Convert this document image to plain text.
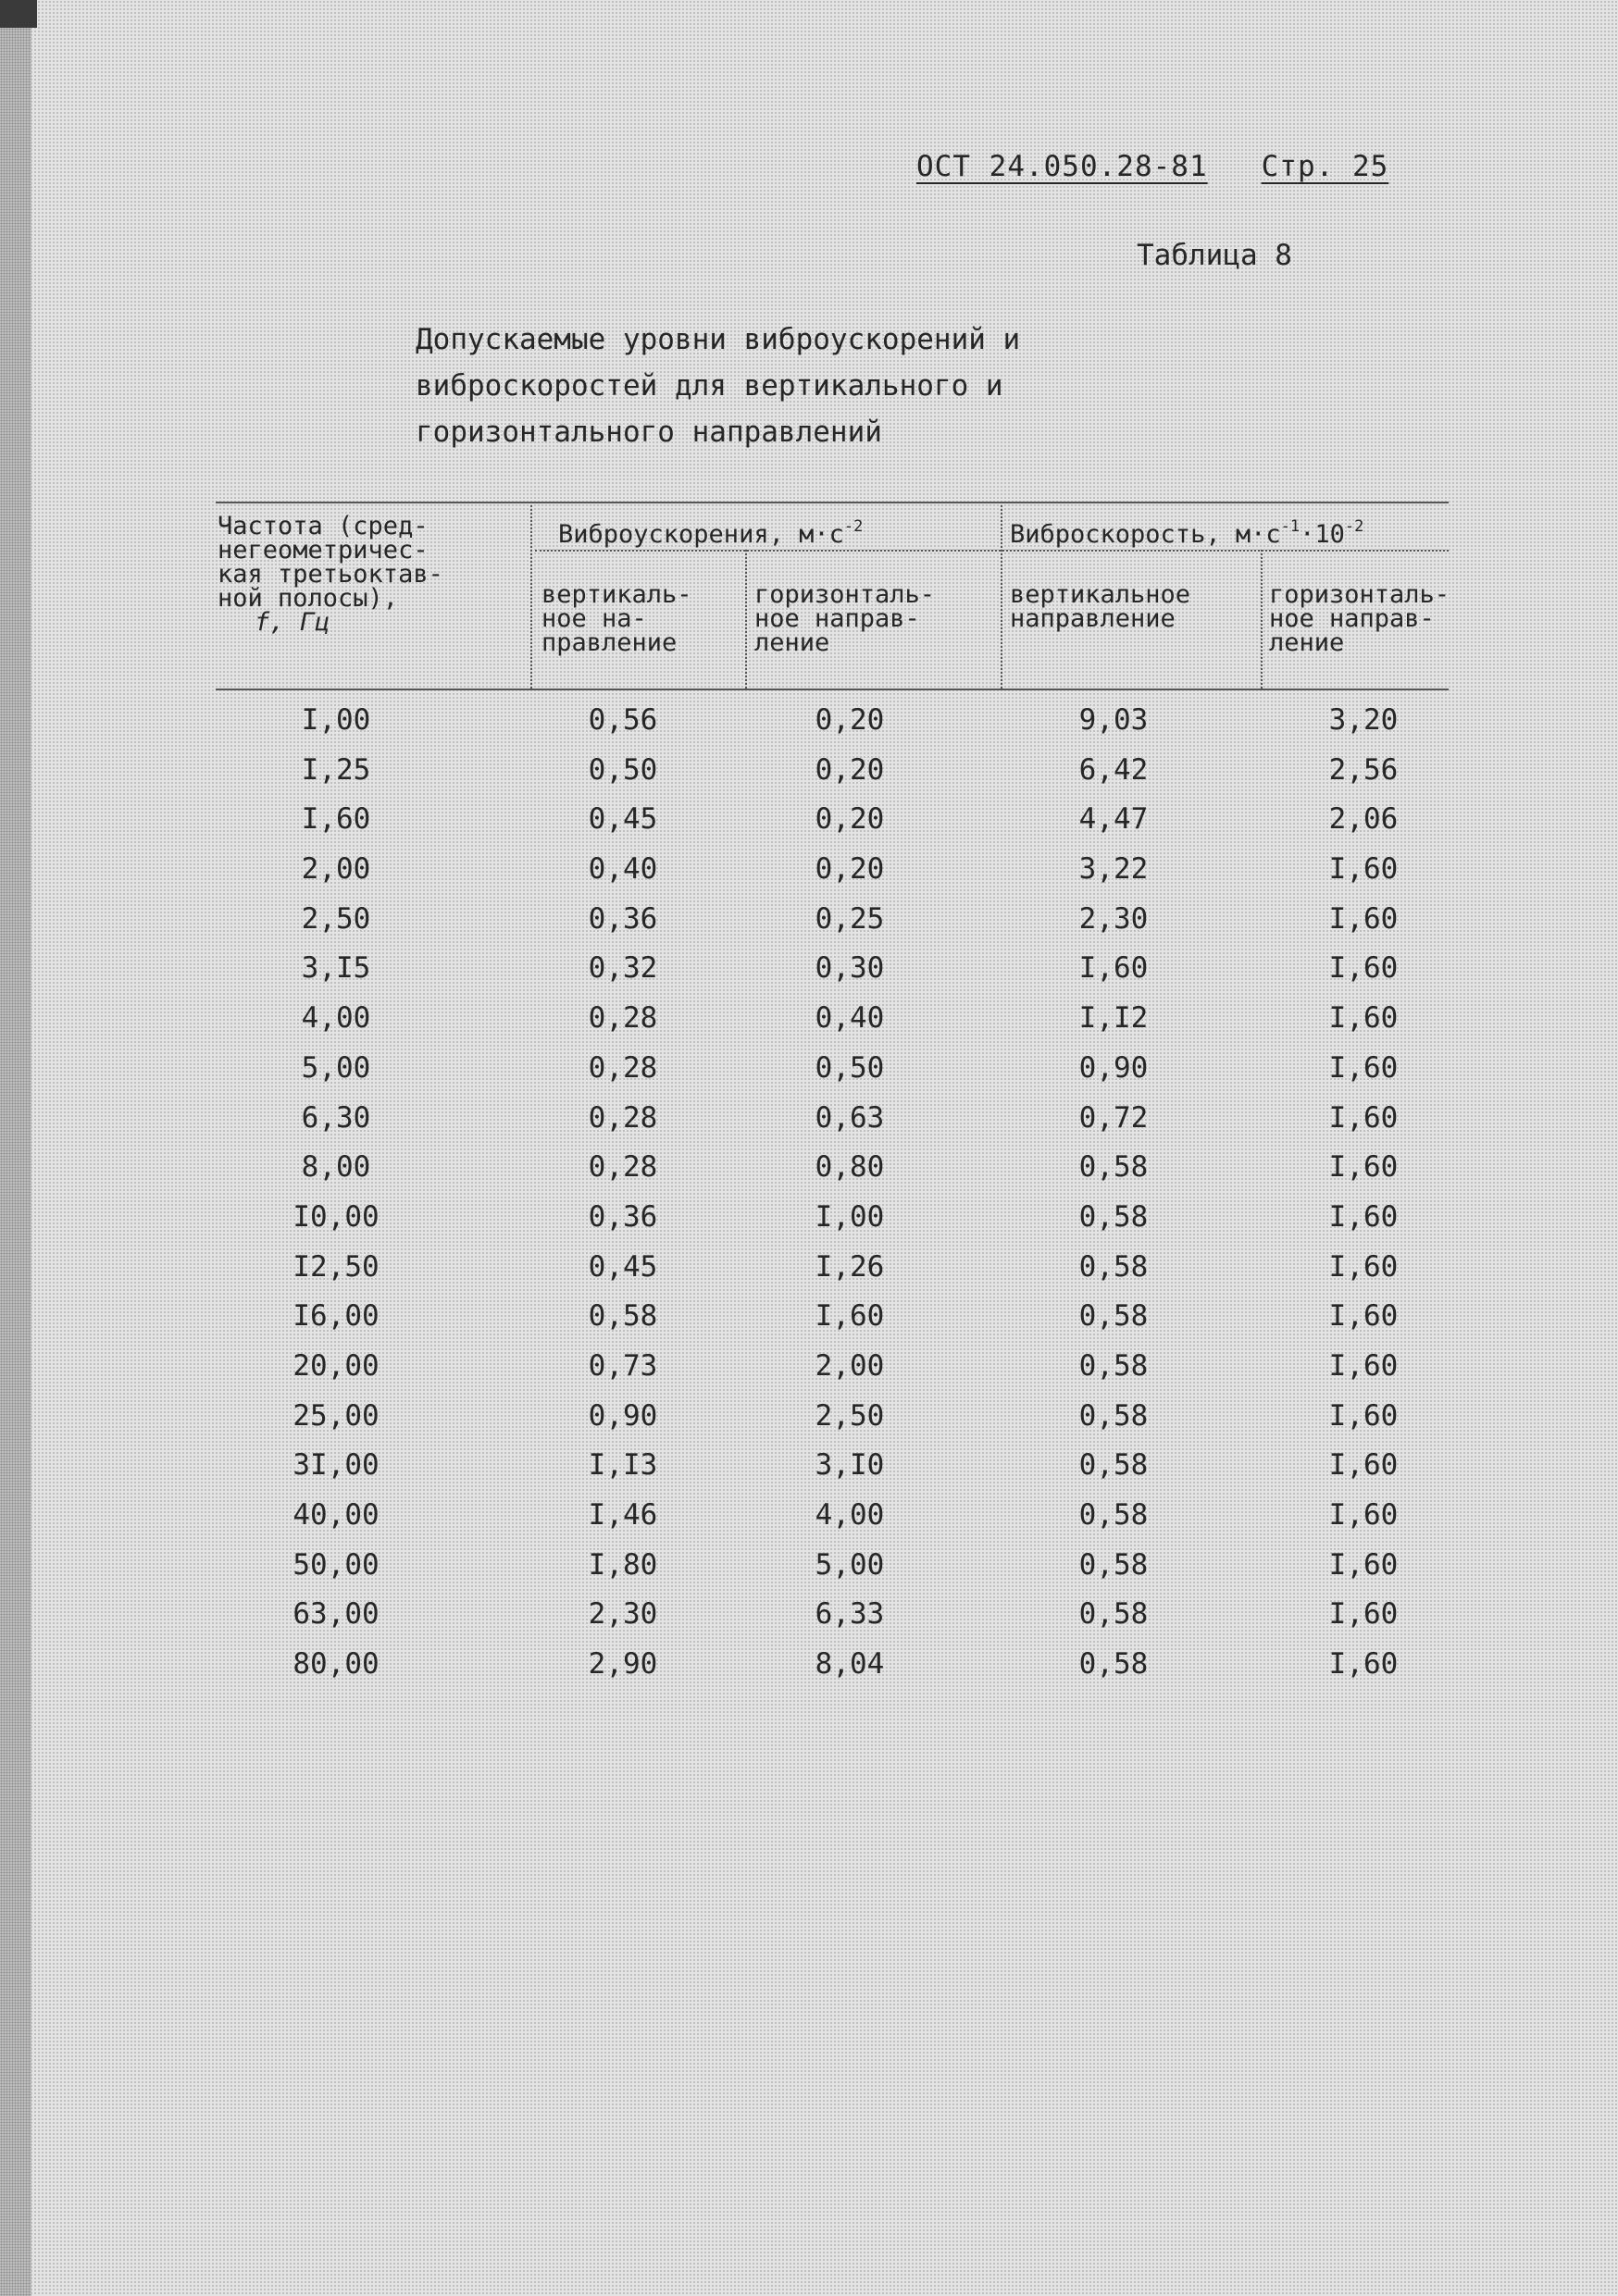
ОСТ 24.050.28-81 Стр. 25
Таблица 8
Допускаемые уровни виброускорений и
виброскоростей для вертикального и
горизонтального направлений
Частота (сред-
негеометричес-
кая третьоктав-
ной полосы),
f, Гц
Виброускорения, $м\cdot с^{-2}$	Виброскорость, $м\cdot с^{-1}\cdot 10^{-2}$
вертикаль-
ное на-
правление
горизонталь-
ное направ-
ление
вертикальное
направление
горизонталь-
ное направ-
ление
I,00	0,56	0,20	9,03	3,20
I,25	0,50	0,20	6,42	2,56
I,60	0,45	0,20	4,47	2,06
2,00	0,40	0,20	3,22	I,60
2,50	0,36	0,25	2,30	I,60
3,I5	0,32	0,30	I,60	I,60
4,00	0,28	0,40	I,I2	I,60
5,00	0,28	0,50	0,90	I,60
6,30	0,28	0,63	0,72	I,60
8,00	0,28	0,80	0,58	I,60
I0,00	0,36	I,00	0,58	I,60
I2,50	0,45	I,26	0,58	I,60
I6,00	0,58	I,60	0,58	I,60
20,00	0,73	2,00	0,58	I,60
25,00	0,90	2,50	0,58	I,60
3I,00	I,I3	3,I0	0,58	I,60
40,00	I,46	4,00	0,58	I,60
50,00	I,80	5,00	0,58	I,60
63,00	2,30	6,33	0,58	I,60
80,00	2,90	8,04	0,58	I,60
